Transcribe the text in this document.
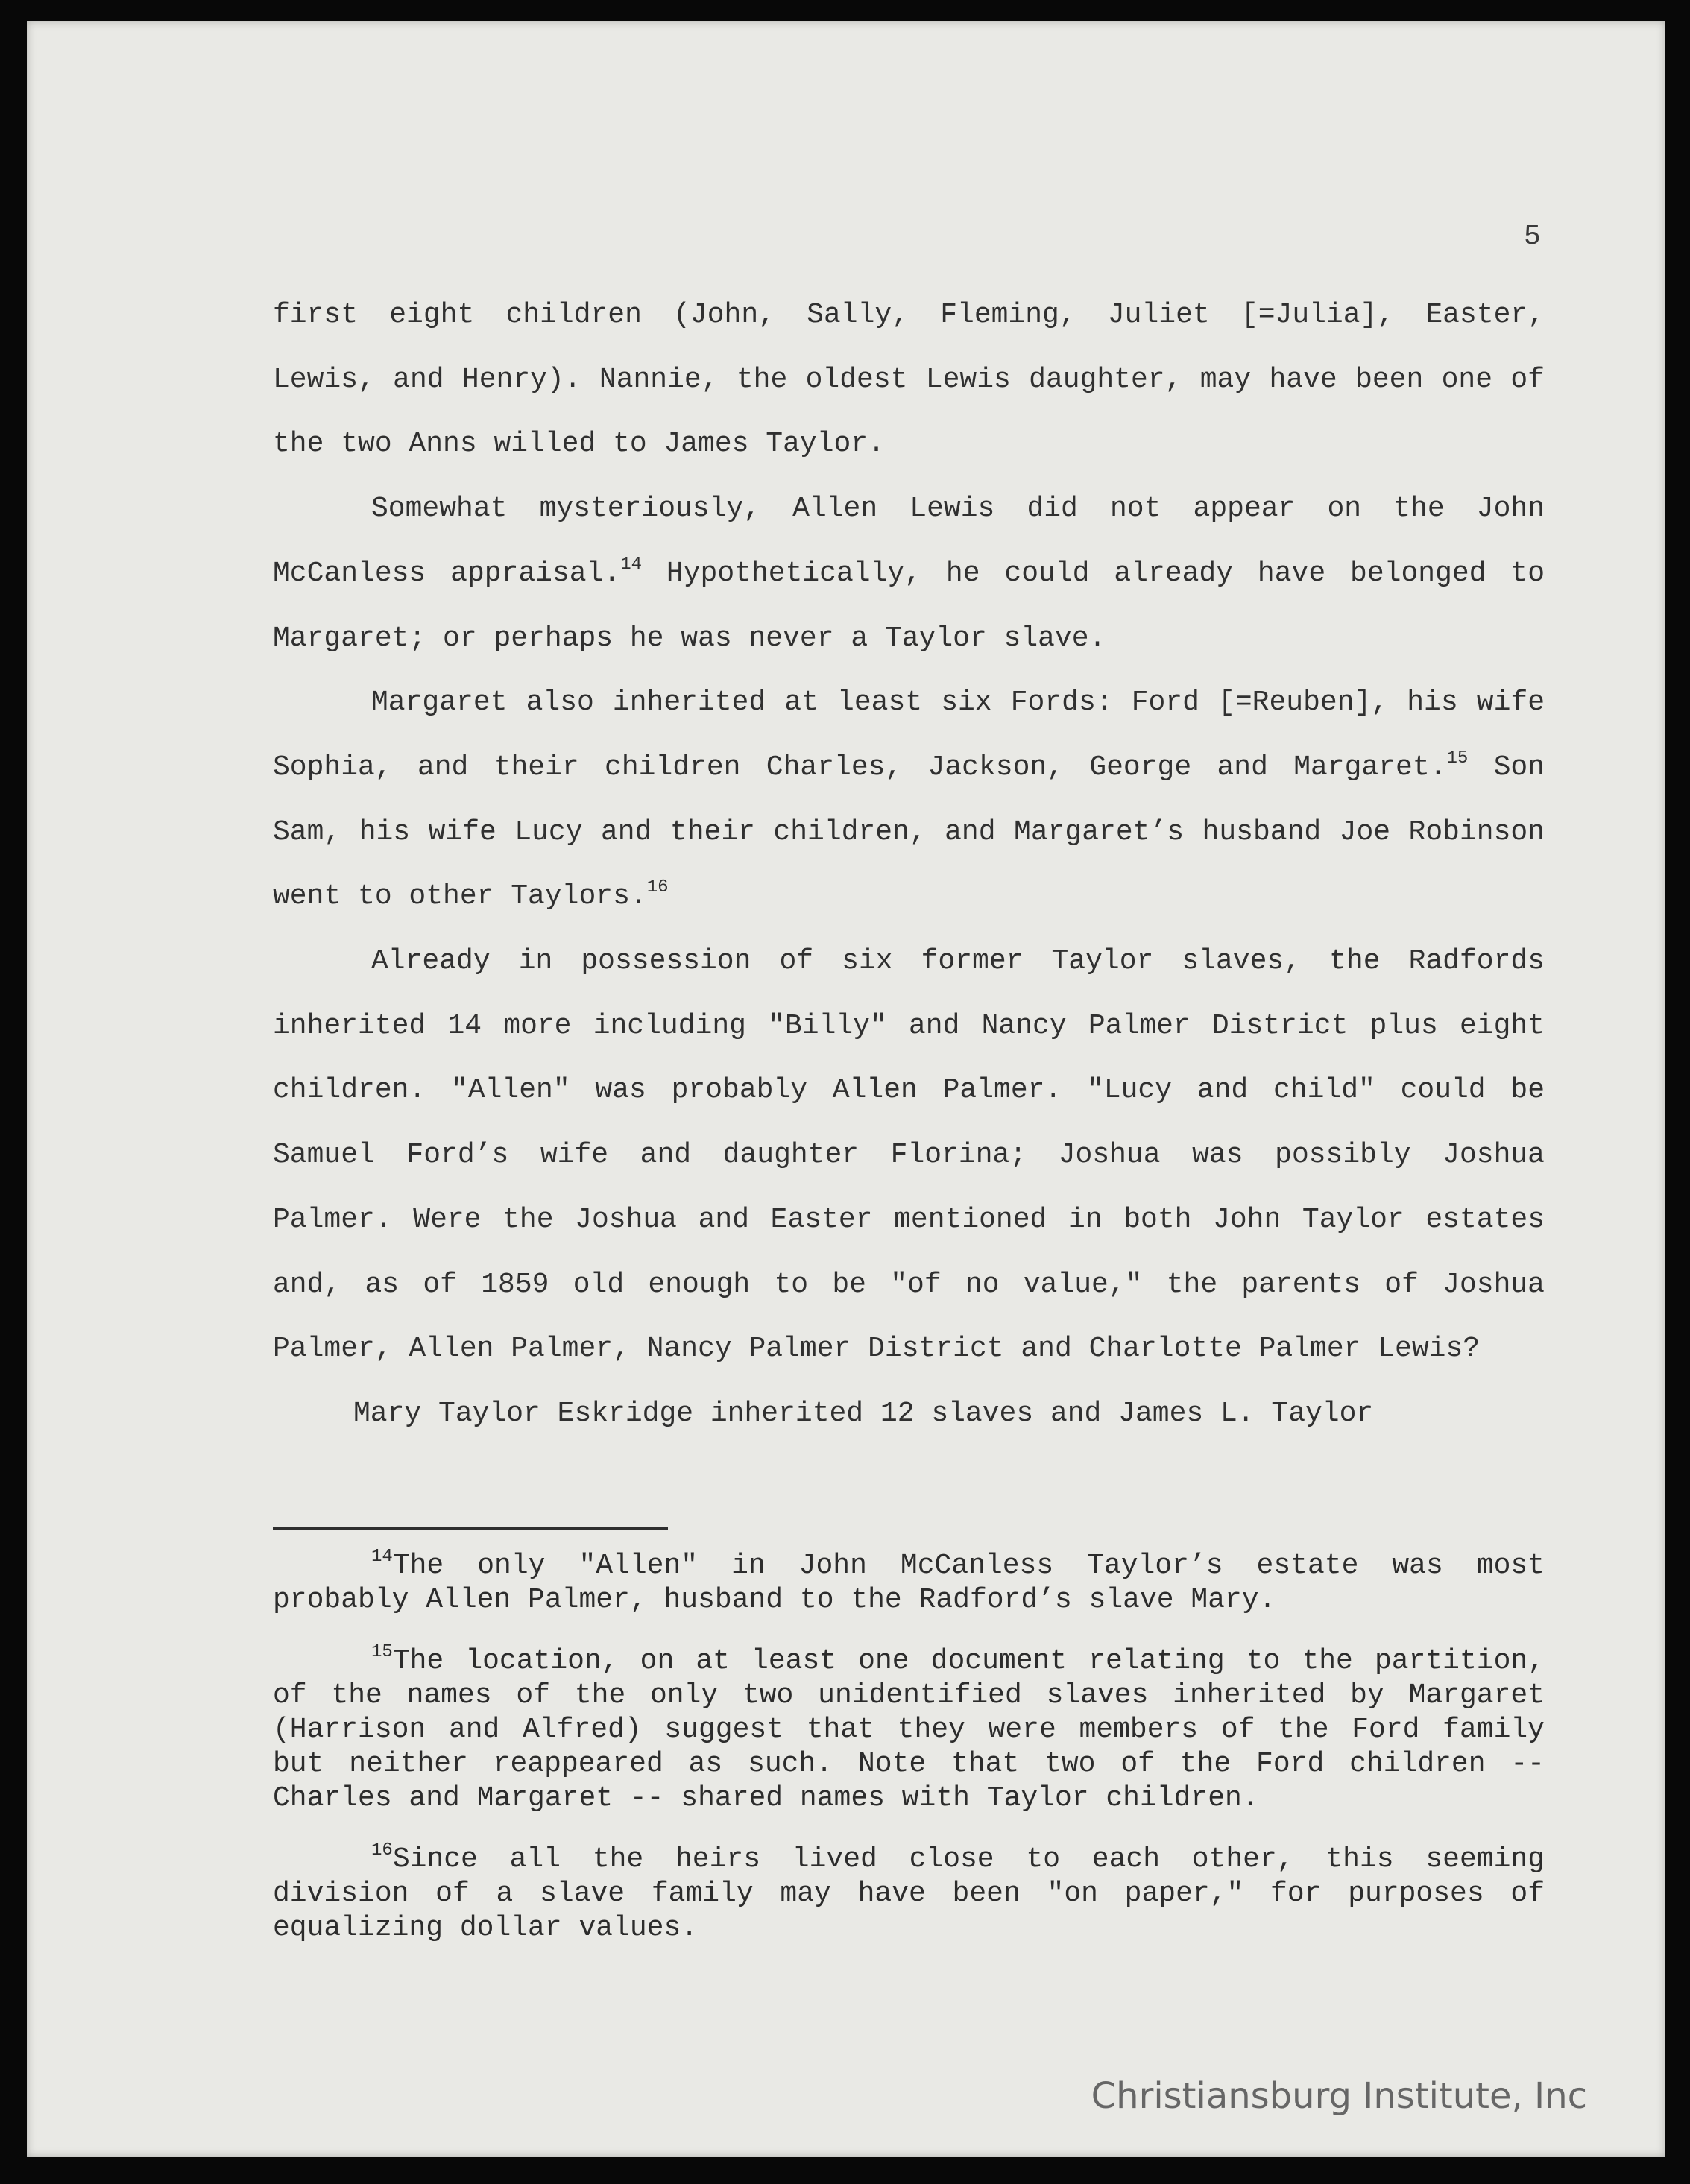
5

first eight children (John, Sally, Fleming, Juliet [=Julia], Easter, Lewis, and Henry). Nannie, the oldest Lewis daughter, may have been one of the two Anns willed to James Taylor.

Somewhat mysteriously, Allen Lewis did not appear on the John McCanless appraisal.$^{14}$ Hypothetically, he could already have belonged to Margaret; or perhaps he was never a Taylor slave.

Margaret also inherited at least six Fords: Ford [=Reuben], his wife Sophia, and their children Charles, Jackson, George and Margaret.$^{15}$ Son Sam, his wife Lucy and their children, and Margaret’s husband Joe Robinson went to other Taylors.$^{16}$

Already in possession of six former Taylor slaves, the Radfords inherited 14 more including "Billy" and Nancy Palmer District plus eight children. "Allen" was probably Allen Palmer. "Lucy and child" could be Samuel Ford’s wife and daughter Florina; Joshua was possibly Joshua Palmer. Were the Joshua and Easter mentioned in both John Taylor estates and, as of 1859 old enough to be "of no value," the parents of Joshua Palmer, Allen Palmer, Nancy Palmer District and Charlotte Palmer Lewis?

Mary Taylor Eskridge inherited 12 slaves and James L. Taylor

$^{14}$The only "Allen" in John McCanless Taylor’s estate was most probably Allen Palmer, husband to the Radford’s slave Mary.

$^{15}$The location, on at least one document relating to the partition, of the names of the only two unidentified slaves inherited by Margaret (Harrison and Alfred) suggest that they were members of the Ford family but neither reappeared as such. Note that two of the Ford children -- Charles and Margaret -- shared names with Taylor children.

$^{16}$Since all the heirs lived close to each other, this seeming division of a slave family may have been "on paper," for purposes of equalizing dollar values.

Christiansburg Institute, Inc
